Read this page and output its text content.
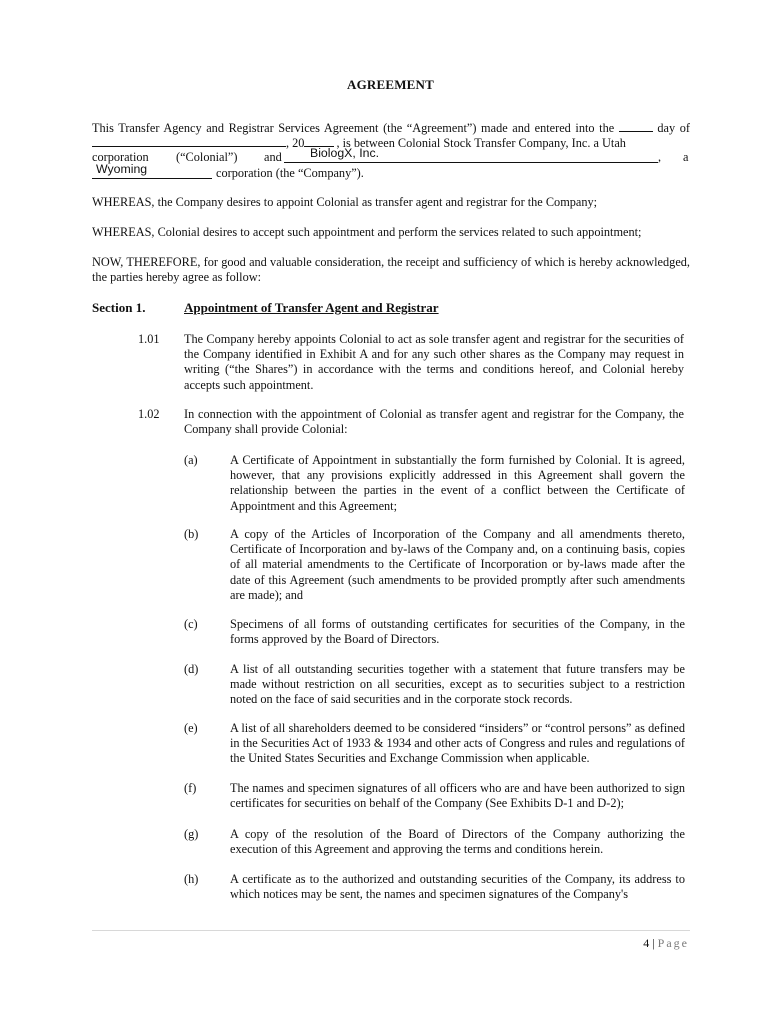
AGREEMENT
This Transfer Agency and Registrar Services Agreement (the “Agreement”) made and entered into the	day of
, 20	, is between Colonial Stock Transfer Company, Inc. a Utah
corporation (“Colonial”) and BiologX, Inc.	, a
Wyoming	corporation (the “Company”).
WHEREAS, the Company desires to appoint Colonial as transfer agent and registrar for the Company;
WHEREAS, Colonial desires to accept such appointment and perform the services related to such appointment;
NOW, THEREFORE, for good and valuable consideration, the receipt and sufficiency of which is hereby acknowledged, the parties hereby agree as follow:
Section 1.	Appointment of Transfer Agent and Registrar
1.01 The Company hereby appoints Colonial to act as sole transfer agent and registrar for the securities of the Company identified in Exhibit A and for any such other shares as the Company may request in writing (“the Shares”) in accordance with the terms and conditions hereof, and Colonial hereby accepts such appointment.
1.02 In connection with the appointment of Colonial as transfer agent and registrar for the Company, the Company shall provide Colonial:
(a)	A Certificate of Appointment in substantially the form furnished by Colonial. It is agreed, however, that any provisions explicitly addressed in this Agreement shall govern the relationship between the parties in the event of a conflict between the Certificate of Appointment and this Agreement;
(b)	A copy of the Articles of Incorporation of the Company and all amendments thereto, Certificate of Incorporation and by-laws of the Company and, on a continuing basis, copies of all material amendments to the Certificate of Incorporation or by-laws made after the date of this Agreement (such amendments to be provided promptly after such amendments are made); and
(c)	Specimens of all forms of outstanding certificates for securities of the Company, in the forms approved by the Board of Directors.
(d)	A list of all outstanding securities together with a statement that future transfers may be made without restriction on all securities, except as to securities subject to a restriction noted on the face of said securities and in the corporate stock records.
(e)	A list of all shareholders deemed to be considered “insiders” or “control persons” as defined in the Securities Act of 1933 & 1934 and other acts of Congress and rules and regulations of the United States Securities and Exchange Commission when applicable.
(f)	The names and specimen signatures of all officers who are and have been authorized to sign certificates for securities on behalf of the Company (See Exhibits D-1 and D-2);
(g)	A copy of the resolution of the Board of Directors of the Company authorizing the execution of this Agreement and approving the terms and conditions herein.
(h)	A certificate as to the authorized and outstanding securities of the Company, its address to which notices may be sent, the names and specimen signatures of the Company's
4 | Page
